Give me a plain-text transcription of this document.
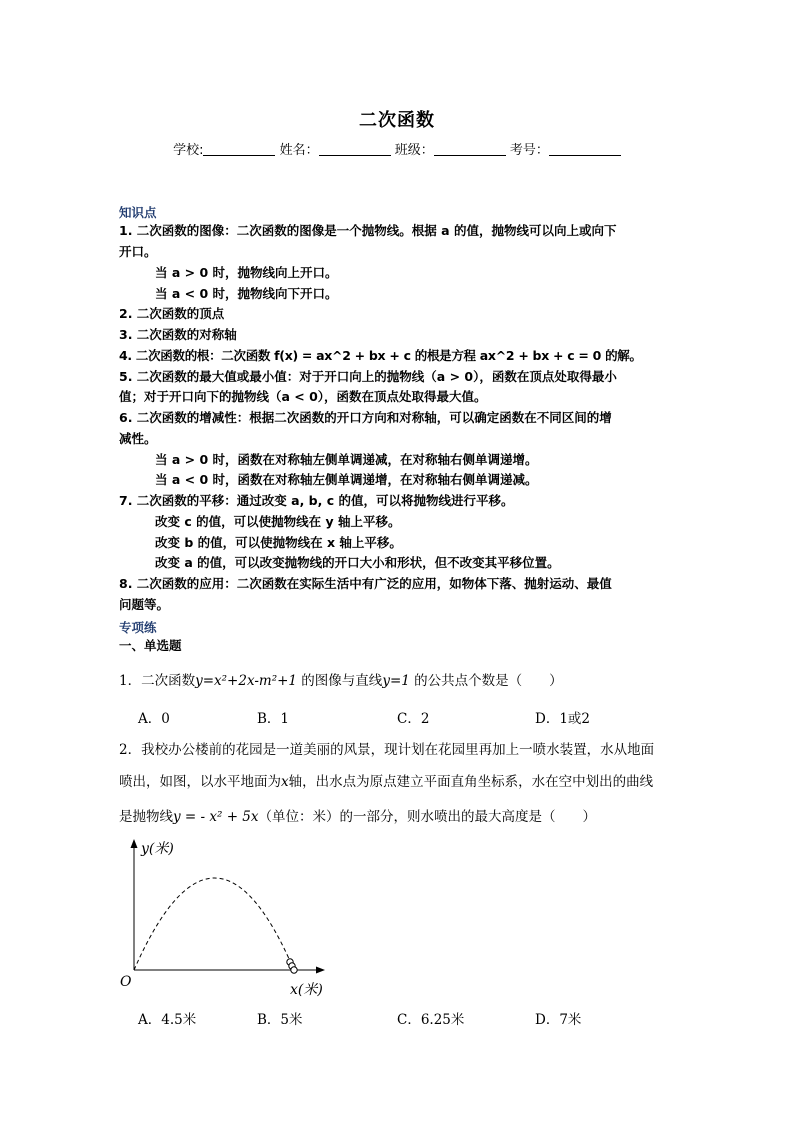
二次函数
学校:	姓名：	班级：	考号：
知识点
1. 二次函数的图像：二次函数的图像是一个抛物线。根据 a 的值，抛物线可以向上或向下
开口。
当 a > 0 时，抛物线向上开口。
当 a < 0 时，抛物线向下开口。
2. 二次函数的顶点
3. 二次函数的对称轴
4. 二次函数的根：二次函数 f(x) = ax^2 + bx + c 的根是方程 ax^2 + bx + c = 0 的解。
5. 二次函数的最大值或最小值：对于开口向上的抛物线（a > 0），函数在顶点处取得最小
值；对于开口向下的抛物线（a < 0），函数在顶点处取得最大值。
6. 二次函数的增减性：根据二次函数的开口方向和对称轴，可以确定函数在不同区间的增
减性。
当 a > 0 时，函数在对称轴左侧单调递减，在对称轴右侧单调递增。
当 a < 0 时，函数在对称轴左侧单调递增，在对称轴右侧单调递减。
7. 二次函数的平移：通过改变 a, b, c 的值，可以将抛物线进行平移。
改变 c 的值，可以使抛物线在 y 轴上平移。
改变 b 的值，可以使抛物线在 x 轴上平移。
改变 a 的值，可以改变抛物线的开口大小和形状，但不改变其平移位置。
8. 二次函数的应用：二次函数在实际生活中有广泛的应用，如物体下落、抛射运动、最值
问题等。
专项练
一、单选题
1．二次函数y=x²+2x-m²+1 的图像与直线y=1 的公共点个数是（　　）
A．0	B．1	C．2	D．1或2
2．我校办公楼前的花园是一道美丽的风景，现计划在花园里再加上一喷水装置，水从地面
喷出，如图，以水平地面为x轴，出水点为原点建立平面直角坐标系，水在空中划出的曲线
是抛物线y = - x² + 5x（单位：米）的一部分，则水喷出的最大高度是（　　）
y(米)
x(米)
O
A．4.5米	B．5米	C．6.25米	D．7米
